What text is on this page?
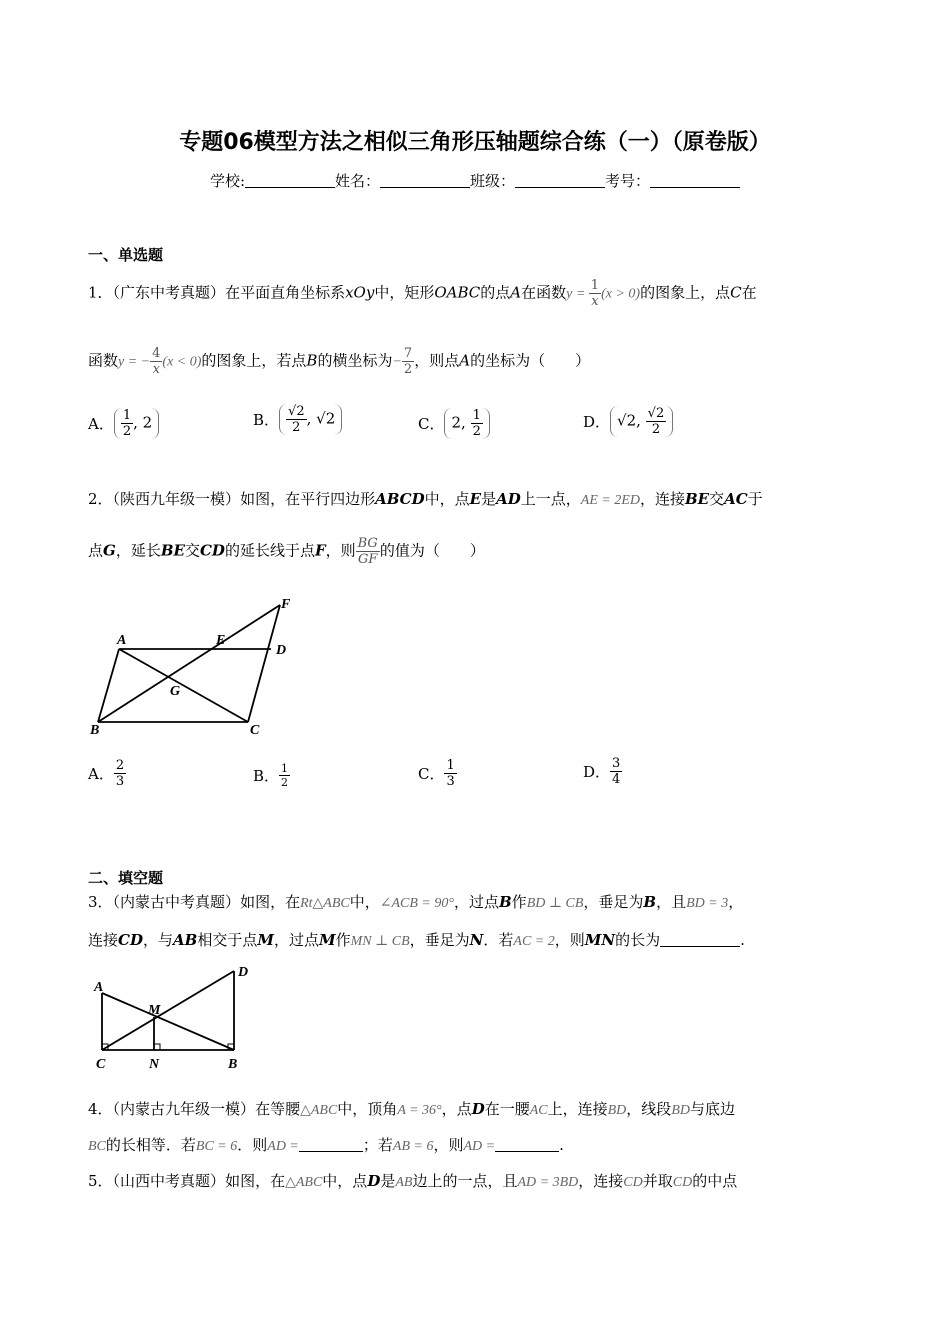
专题06模型方法之相似三角形压轴题综合练（一）（原卷版）
学校:	姓名：	班级：	考号：
一、单选题
1．（广东中考真题）在平面直角坐标系xOy中，矩形OABC的点A在函数$y = \frac{1}{x} (x > 0)$的图象上，点C在
函数y = − $\frac{4}{x} (x < 0)$的图象上，若点B的横坐标为− $\frac{7}{2}$ ，则点A的坐标为（　　）
A． $\frac{1}{2}$ , 2	B． $\frac{√2}{2}$ , √2	C． 2, $\frac{1}{2}$	D． √2, $\frac{√2}{2}$
2．（陕西九年级一模）如图，在平行四边形ABCD中，点E是AD上一点，AE = 2ED，连接BE交AC于
点G，延长BE交CD的延长线于点F，则 $\frac{BG}{GF}$ 的值为（　　）
A
B	C
D
E
F
G
A． $\frac{2}{3}$	B． $\frac{1}{2}$	C． $\frac{1}{3}$	D． $\frac{3}{4}$
二、填空题
3．（内蒙古中考真题）如图，在Rt△ABC中，∠ACB = 90°，过点B作BD ⊥ CB，垂足为B，且BD = 3，
连接CD，与AB相交于点M，过点M作MN ⊥ CB，垂足为N．若AC = 2，则MN的长为	.
A
C	N	B
D
M
4．（内蒙古九年级一模）在等腰△ABC中，顶角A = 36°，点D在一腰AC上，连接BD，线段BD与底边
BC的长相等．若BC = 6．则AD =	；若AB = 6，则AD =	.
5．（山西中考真题）如图，在△ABC中，点D是AB边上的一点，且AD = 3BD，连接CD并取CD的中点
